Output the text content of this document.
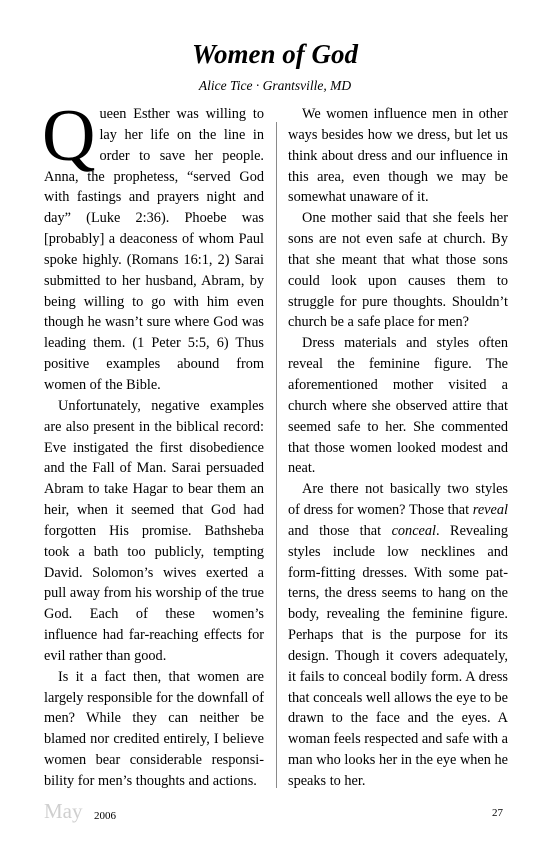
Women of God
Alice Tice · Grantsville, MD

Queen Esther was willing to lay her life on the line in order to save her people. Anna, the prophetess, “served God with fastings and prayers night and day” (Luke 2:36). Phoebe was [probably] a deaconess of whom Paul spoke highly. (Romans 16:1, 2) Sarai submitted to her husband, Abram, by being willing to go with him even though he wasn’t sure where God was leading them. (1 Peter 5:5, 6) Thus positive examples abound from women of the Bible.

Unfortunately, negative examples are also present in the biblical record: Eve instigated the first disobedience and the Fall of Man. Sarai persuaded Abram to take Hagar to bear them an heir, when it seemed that God had forgotten His promise. Bathsheba took a bath too publicly, tempting David. Solomon’s wives exerted a pull away from his worship of the true God. Each of these women’s influence had far-reaching effects for evil rather than good.

Is it a fact then, that women are largely responsible for the downfall of men? While they can neither be blamed nor credited entirely, I believe women bear considerable responsibility for men’s thoughts and actions.

We women influence men in other ways besides how we dress, but let us think about dress and our influence in this area, even though we may be somewhat unaware of it.

One mother said that she feels her sons are not even safe at church. By that she meant that what those sons could look upon causes them to struggle for pure thoughts. Shouldn’t church be a safe place for men?

Dress materials and styles often reveal the feminine figure. The aforementioned mother visited a church where she observed attire that seemed safe to her. She commented that those women looked modest and neat.

Are there not basically two styles of dress for women? Those that reveal and those that conceal. Revealing styles include low necklines and form-fitting dresses. With some patterns, the dress seems to hang on the body, revealing the feminine figure. Perhaps that is the purpose for its design. Though it covers adequately, it fails to conceal bodily form. A dress that conceals well allows the eye to be drawn to the face and the eyes. A woman feels respected and safe with a man who looks her in the eye when he speaks to her.

May 2006	27
